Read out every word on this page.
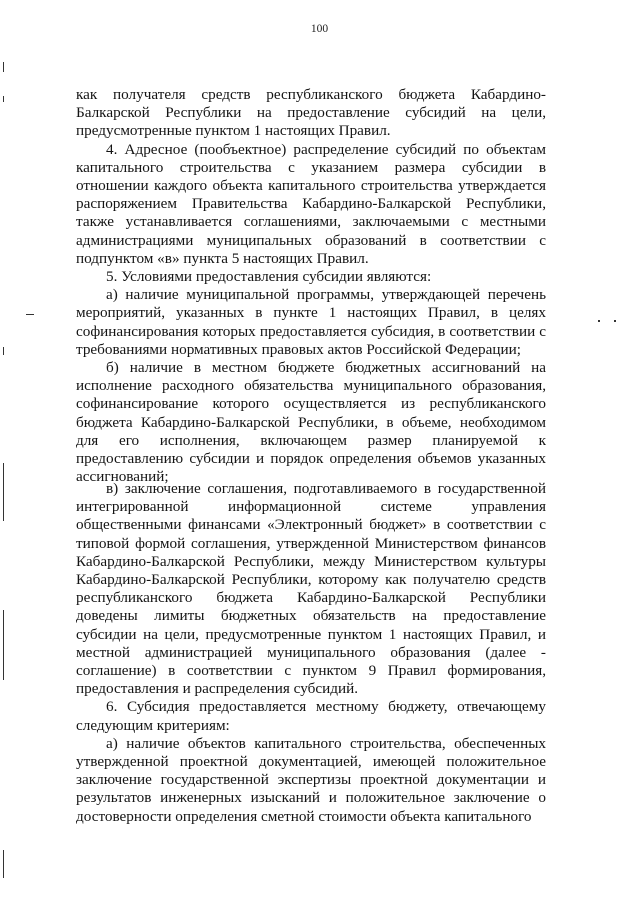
100

как получателя средств республиканского бюджета Кабардино-Балкарской Республики на предоставление субсидий на цели, предусмотренные пунктом 1 настоящих Правил.

4. Адресное (пообъектное) распределение субсидий по объектам капитального строительства с указанием размера субсидии в отношении каждого объекта капитального строительства утверждается распоряжением Правительства Кабардино-Балкарской Республики, также устанавливается соглашениями, заключаемыми с местными администрациями муниципальных образований в соответствии с подпунктом «в» пункта 5 настоящих Правил.

5. Условиями предоставления субсидии являются:

а) наличие муниципальной программы, утверждающей перечень мероприятий, указанных в пункте 1 настоящих Правил, в целях софинансирования которых предоставляется субсидия, в соответствии с требованиями нормативных правовых актов Российской Федерации;

б) наличие в местном бюджете бюджетных ассигнований на исполнение расходного обязательства муниципального образования, софинансирование которого осуществляется из республиканского бюджета Кабардино-Балкарской Республики, в объеме, необходимом для его исполнения, включающем размер планируемой к предоставлению субсидии и порядок определения объемов указанных ассигнований;

в) заключение соглашения, подготавливаемого в государственной интегрированной информационной системе управления общественными финансами «Электронный бюджет» в соответствии с типовой формой соглашения, утвержденной Министерством финансов Кабардино-Балкарской Республики, между Министерством культуры Кабардино-Балкарской Республики, которому как получателю средств республиканского бюджета Кабардино-Балкарской Республики доведены лимиты бюджетных обязательств на предоставление субсидии на цели, предусмотренные пунктом 1 настоящих Правил, и местной администрацией муниципального образования (далее - соглашение) в соответствии с пунктом 9 Правил формирования, предоставления и распределения субсидий.

6. Субсидия предоставляется местному бюджету, отвечающему следующим критериям:

а) наличие объектов капитального строительства, обеспеченных утвержденной проектной документацией, имеющей положительное заключение государственной экспертизы проектной документации и результатов инженерных изысканий и положительное заключение о достоверности определения сметной стоимости объекта капитального
